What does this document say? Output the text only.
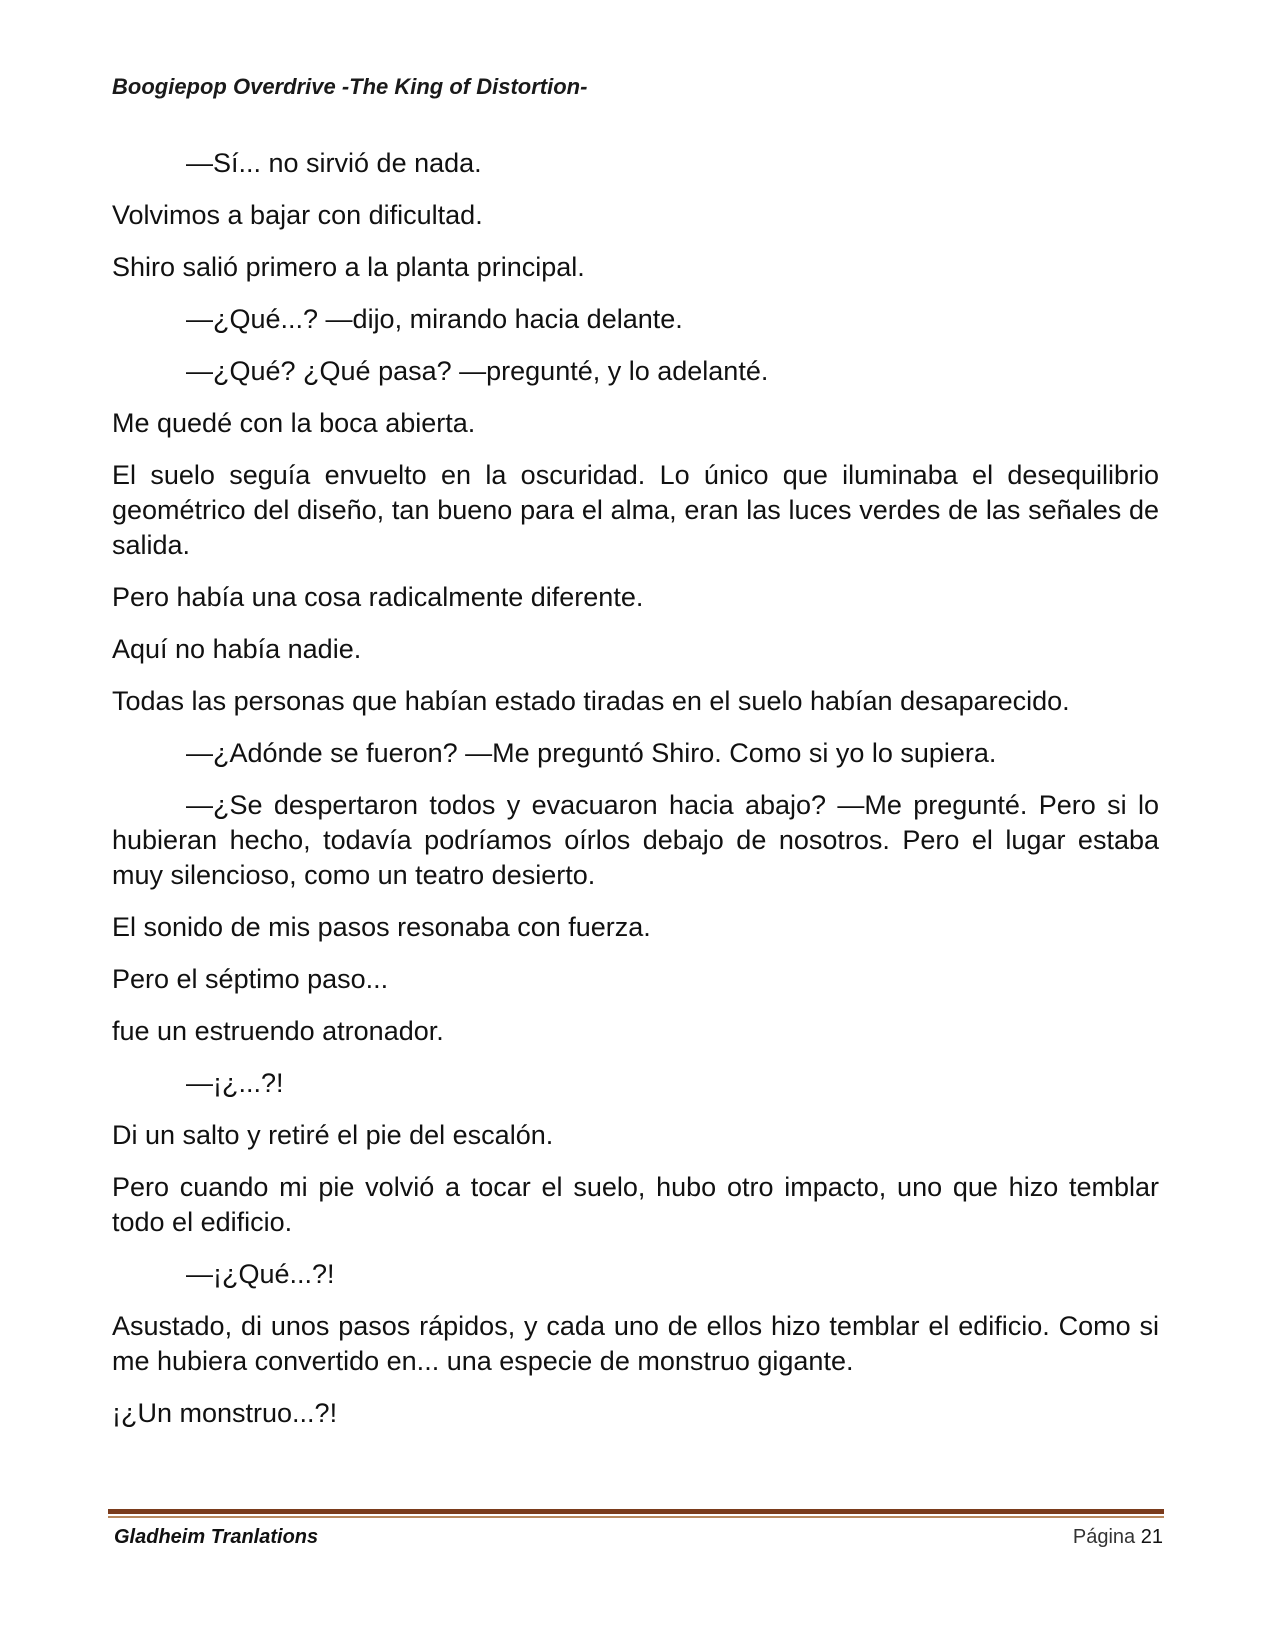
Boogiepop Overdrive -The King of Distortion-

—Sí... no sirvió de nada.

Volvimos a bajar con dificultad.

Shiro salió primero a la planta principal.

—¿Qué...? —dijo, mirando hacia delante.

—¿Qué? ¿Qué pasa? —pregunté, y lo adelanté.

Me quedé con la boca abierta.

El suelo seguía envuelto en la oscuridad. Lo único que iluminaba el desequilibrio geométrico del diseño, tan bueno para el alma, eran las luces verdes de las señales de salida.

Pero había una cosa radicalmente diferente.

Aquí no había nadie.

Todas las personas que habían estado tiradas en el suelo habían desaparecido.

—¿Adónde se fueron? —Me preguntó Shiro. Como si yo lo supiera.

—¿Se despertaron todos y evacuaron hacia abajo? —Me pregunté. Pero si lo hubieran hecho, todavía podríamos oírlos debajo de nosotros. Pero el lugar estaba muy silencioso, como un teatro desierto.

El sonido de mis pasos resonaba con fuerza.

Pero el séptimo paso...

fue un estruendo atronador.

—¡¿...?!

Di un salto y retiré el pie del escalón.

Pero cuando mi pie volvió a tocar el suelo, hubo otro impacto, uno que hizo temblar todo el edificio.

—¡¿Qué...?!

Asustado, di unos pasos rápidos, y cada uno de ellos hizo temblar el edificio. Como si me hubiera convertido en... una especie de monstruo gigante.

¡¿Un monstruo...?!

Gladheim Tranlations	Página 21
